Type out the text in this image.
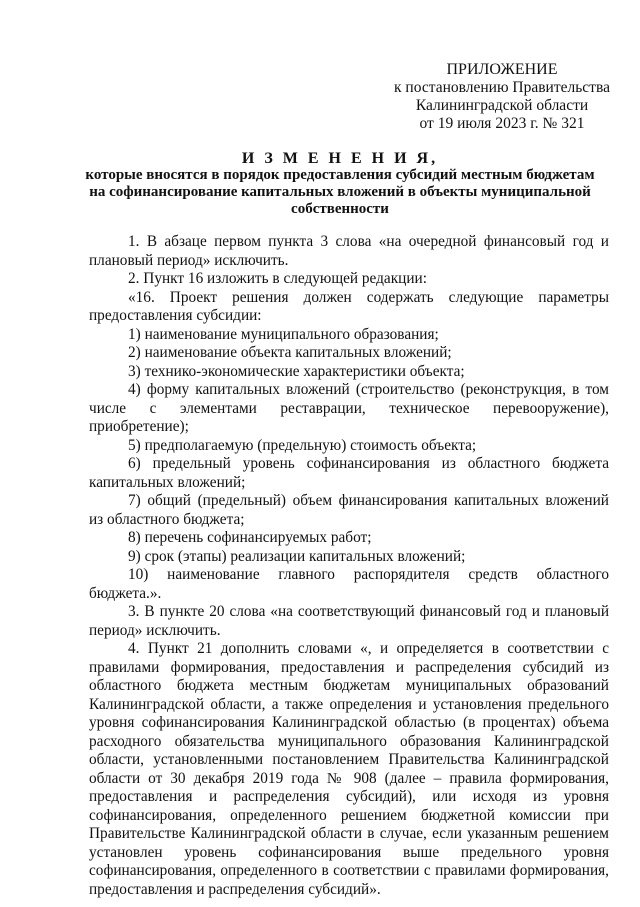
ПРИЛОЖЕНИЕ
к постановлению Правительства
Калининградской области
от 19 июля 2023 г. № 321
И З М Е Н Е Н И Я,
которые вносятся в порядок предоставления субсидий местным бюджетам на софинансирование капитальных вложений в объекты муниципальной собственности

1. В абзаце первом пункта 3 слова «на очередной финансовый год и плановый период» исключить.

2. Пункт 16 изложить в следующей редакции:

«16. Проект решения должен содержать следующие параметры предоставления субсидии:

1) наименование муниципального образования;

2) наименование объекта капитальных вложений;

3) технико-экономические характеристики объекта;

4) форму капитальных вложений (строительство (реконструкция, в том числе с элементами реставрации, техническое перевооружение), приобретение);

5) предполагаемую (предельную) стоимость объекта;

6) предельный уровень софинансирования из областного бюджета капитальных вложений;

7) общий (предельный) объем финансирования капитальных вложений из областного бюджета;

8) перечень софинансируемых работ;

9) срок (этапы) реализации капитальных вложений;

10) наименование главного распорядителя средств областного бюджета.».

3. В пункте 20 слова «на соответствующий финансовый год и плановый период» исключить.

4. Пункт 21 дополнить словами «, и определяется в соответствии с правилами формирования, предоставления и распределения субсидий из областного бюджета местным бюджетам муниципальных образований Калининградской области, а также определения и установления предельного уровня софинансирования Калининградской областью (в процентах) объема расходного обязательства муниципального образования Калининградской области, установленными постановлением Правительства Калининградской области от 30 декабря 2019 года № 908 (далее – правила формирования, предоставления и распределения субсидий), или исходя из уровня софинансирования, определенного решением бюджетной комиссии при Правительстве Калининградской области в случае, если указанным решением установлен уровень софинансирования выше предельного уровня софинансирования, определенного в соответствии с правилами формирования, предоставления и распределения субсидий».
